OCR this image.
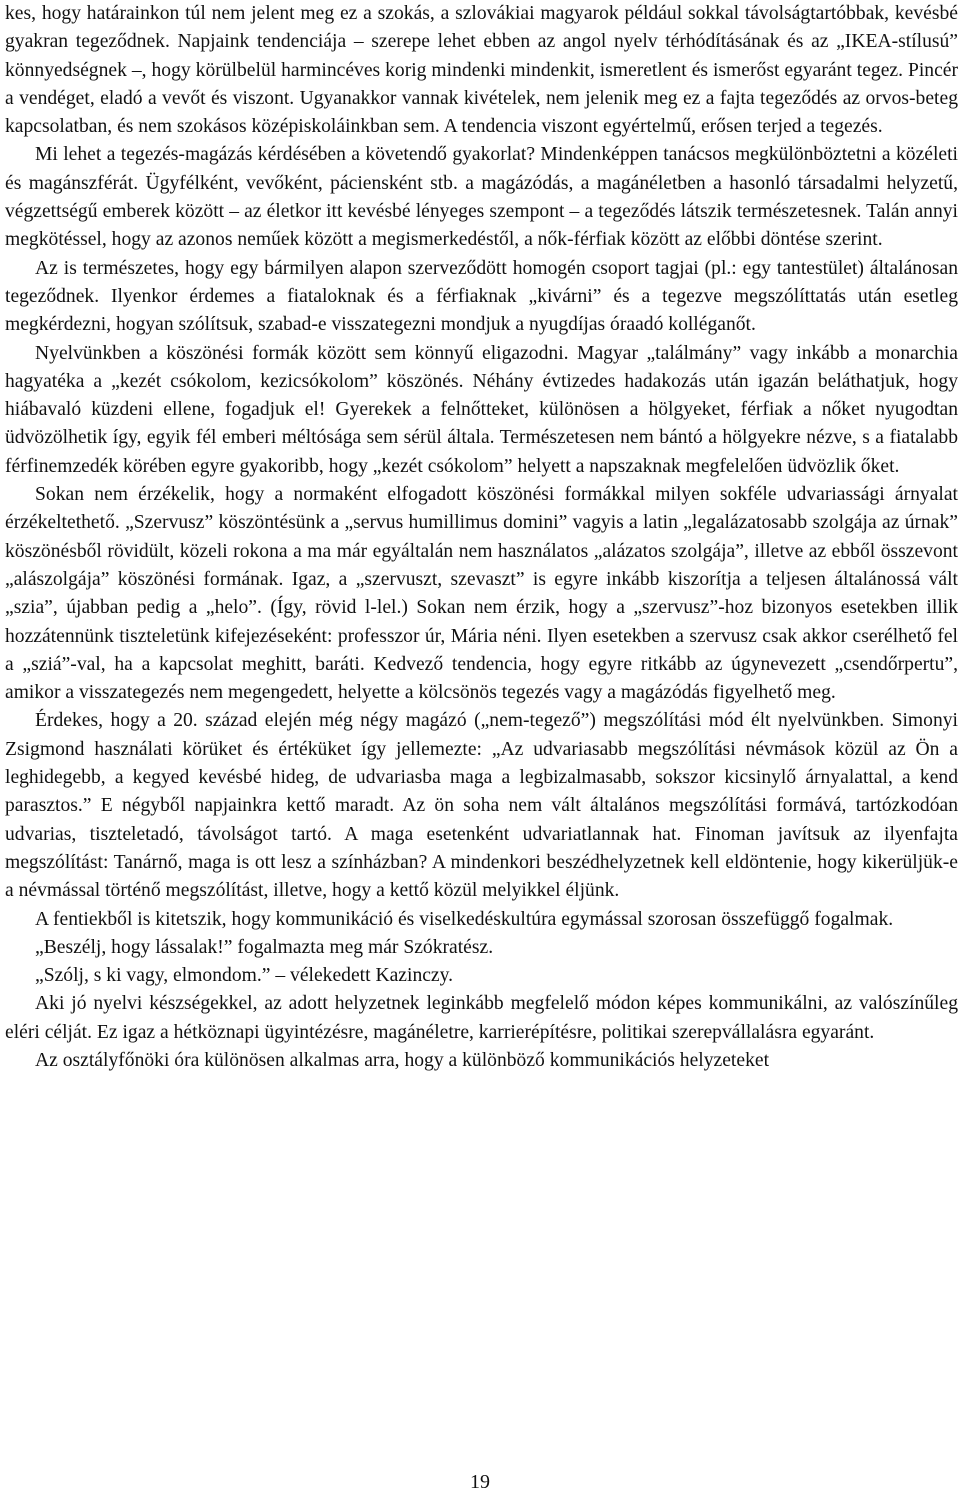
kes, hogy határainkon túl nem jelent meg ez a szokás, a szlovákiai magyarok például sokkal távolságtartóbbak, kevésbé gyakran tegeződnek. Napjaink tendenciája – szerepe lehet ebben az angol nyelv térhódításának és az „IKEA-stílusú” könnyedségnek –, hogy körülbelül harmincéves korig mindenki mindenkit, ismeretlent és ismerőst egyaránt tegez. Pincér a vendéget, eladó a vevőt és viszont. Ugyanakkor vannak kivételek, nem jelenik meg ez a fajta tegeződés az orvos-beteg kapcsolatban, és nem szokásos középiskoláinkban sem. A tendencia viszont egyértelmű, erősen terjed a tegezés.

Mi lehet a tegezés-magázás kérdésében a követendő gyakorlat? Mindenképpen tanácsos megkülönböztetni a közéleti és magánszférát. Ügyfélként, vevőként, páciensként stb. a magázódás, a magánéletben a hasonló társadalmi helyzetű, végzettségű emberek között – az életkor itt kevésbé lényeges szempont – a tegeződés látszik természetesnek. Talán annyi megkötéssel, hogy az azonos neműek között a megismerkedéstől, a nők-férfiak között az előbbi döntése szerint.

Az is természetes, hogy egy bármilyen alapon szerveződött homogén csoport tagjai (pl.: egy tantestület) általánosan tegeződnek. Ilyenkor érdemes a fiataloknak és a férfiaknak „kivárni” és a tegezve megszólíttatás után esetleg megkérdezni, hogyan szólítsuk, szabad-e visszategezni mondjuk a nyugdíjas óraadó kolléganőt.

Nyelvünkben a köszönési formák között sem könnyű eligazodni. Magyar „találmány” vagy inkább a monarchia hagyatéka a „kezét csókolom, kezicsókolom” köszönés. Néhány évtizedes hadakozás után igazán beláthatjuk, hogy hiábavaló küzdeni ellene, fogadjuk el! Gyerekek a felnőtteket, különösen a hölgyeket, férfiak a nőket nyugodtan üdvözölhetik így, egyik fél emberi méltósága sem sérül általa. Természetesen nem bántó a hölgyekre nézve, s a fiatalabb férfinemzedék körében egyre gyakoribb, hogy „kezét csókolom” helyett a napszaknak megfelelően üdvözlik őket.

Sokan nem érzékelik, hogy a normaként elfogadott köszönési formákkal milyen sokféle udvariassági árnyalat érzékeltethető. „Szervusz” köszöntésünk a „servus humillimus domini” vagyis a latin „legalázatosabb szolgája az úrnak” köszönésből rövidült, közeli rokona a ma már egyáltalán nem használatos „alázatos szolgája”, illetve az ebből összevont „alászolgája” köszönési formának. Igaz, a „szervuszt, szevaszt” is egyre inkább kiszorítja a teljesen általánossá vált „szia”, újabban pedig a „helo”. (Így, rövid l-lel.) Sokan nem érzik, hogy a „szervusz”-hoz bizonyos esetekben illik hozzátennünk tiszteletünk kifejezéseként: professzor úr, Mária néni. Ilyen esetekben a szervusz csak akkor cserélhető fel a „sziá”-val, ha a kapcsolat meghitt, baráti. Kedvező tendencia, hogy egyre ritkább az úgynevezett „csendőrpertu”, amikor a visszategezés nem megengedett, helyette a kölcsönös tegezés vagy a magázódás figyelhető meg.

Érdekes, hogy a 20. század elején még négy magázó („nem-tegező”) megszólítási mód élt nyelvünkben. Simonyi Zsigmond használati körüket és értéküket így jellemezte: „Az udvariasabb megszólítási névmások közül az Ön a leghidegebb, a kegyed kevésbé hideg, de udvariasba maga a legbizalmasabb, sokszor kicsinylő árnyalattal, a kend parasztos.” E négyből napjainkra kettő maradt. Az ön soha nem vált általános megszólítási formává, tartózkodóan udvarias, tiszteletadó, távolságot tartó. A maga esetenként udvariatlannak hat. Finoman javítsuk az ilyenfajta megszólítást: Tanárnő, maga is ott lesz a színházban? A mindenkori beszédhelyzetnek kell eldöntenie, hogy kikerüljük-e a névmással történő megszólítást, illetve, hogy a kettő közül melyikkel éljünk.

A fentiekből is kitetszik, hogy kommunikáció és viselkedéskultúra egymással szorosan összefüggő fogalmak.

„Beszélj, hogy lássalak!” fogalmazta meg már Szókratész.

„Szólj, s ki vagy, elmondom.” – vélekedett Kazinczy.

Aki jó nyelvi készségekkel, az adott helyzetnek leginkább megfelelő módon képes kommunikálni, az valószínűleg eléri célját. Ez igaz a hétköznapi ügyintézésre, magánéletre, karrierépítésre, politikai szerepvállalásra egyaránt.

Az osztályfőnöki óra különösen alkalmas arra, hogy a különböző kommunikációs helyzeteket

19
